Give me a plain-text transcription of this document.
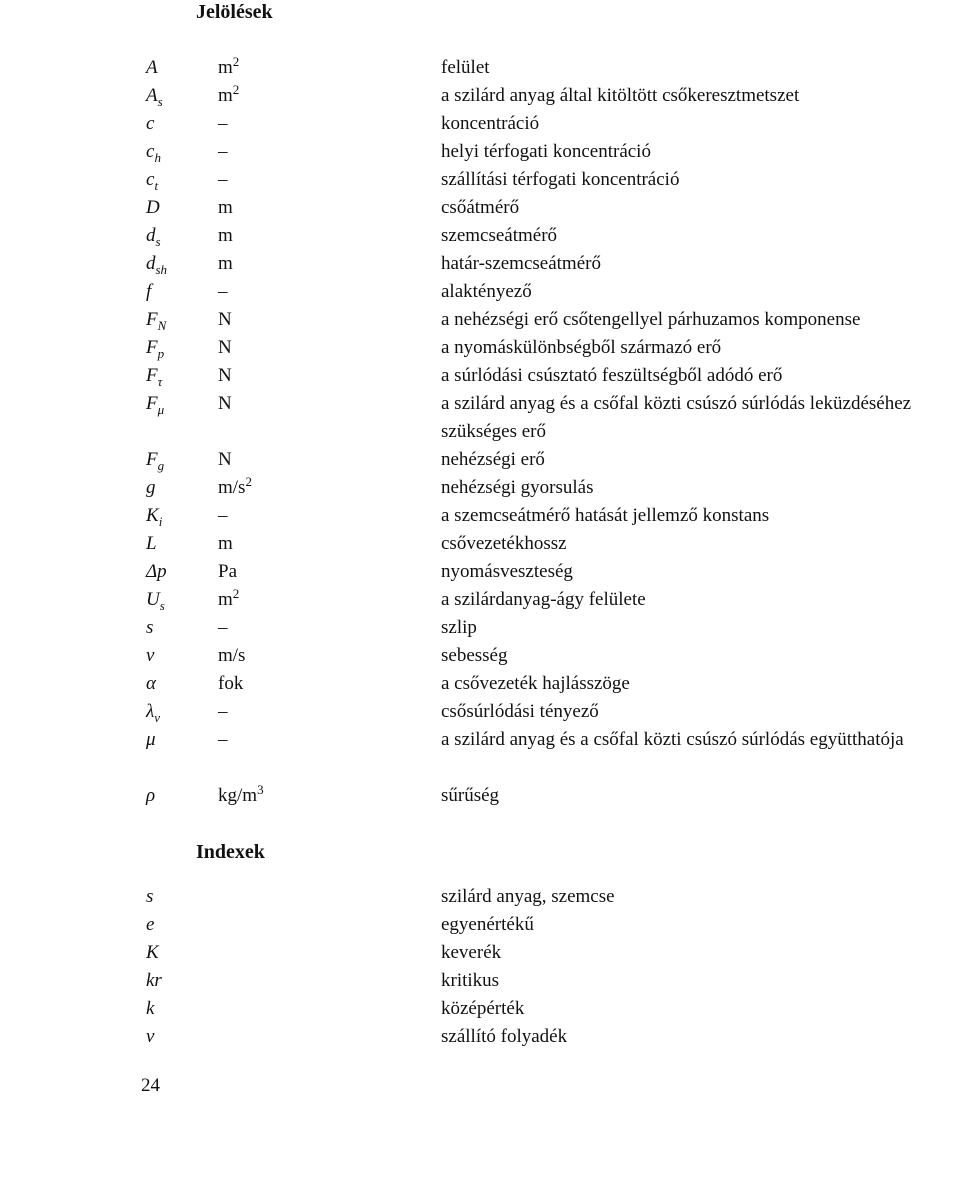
Jelölések
A	$m^2$	felület
$A_s$	$m^2$	a szilárd anyag által kitöltött csőkeresztmetszet
c	–	koncentráció
$c_h$	–	helyi térfogati koncentráció
$c_t$	–	szállítási térfogati koncentráció
D	m	csőátmérő
$d_s$	m	szemcseátmérő
$d_{sh}$	m	határ-szemcseátmérő
f	–	alaktényező
$F_N$	N	a nehézségi erő csőtengellyel párhuzamos komponense
$F_p$	N	a nyomáskülönbségből származó erő
$F_\tau$	N	a súrlódási csúsztató feszültségből adódó erő
$F_\mu$	N	a szilárd anyag és a csőfal közti csúszó súrlódás leküzdéséhez szükséges erő
$F_g$	N	nehézségi erő
g	$m/s^2$	nehézségi gyorsulás
$K_i$	–	a szemcseátmérő hatását jellemző konstans
L	m	csővezetékhossz
Δp	Pa	nyomásveszteség
$U_s$	$m^2$	a szilárdanyag-ágy felülete
s	–	szlip
v	m/s	sebesség
α	fok	a csővezeték hajlásszöge
$\lambda_v$	–	csősúrlódási tényező
μ	–	a szilárd anyag és a csőfal közti csúszó súrlódás együtthatója
ρ	$kg/m^3$	sűrűség
Indexek
s	szilárd anyag, szemcse
e	egyenértékű
K	keverék
kr	kritikus
k	középérték
v	szállító folyadék
24
